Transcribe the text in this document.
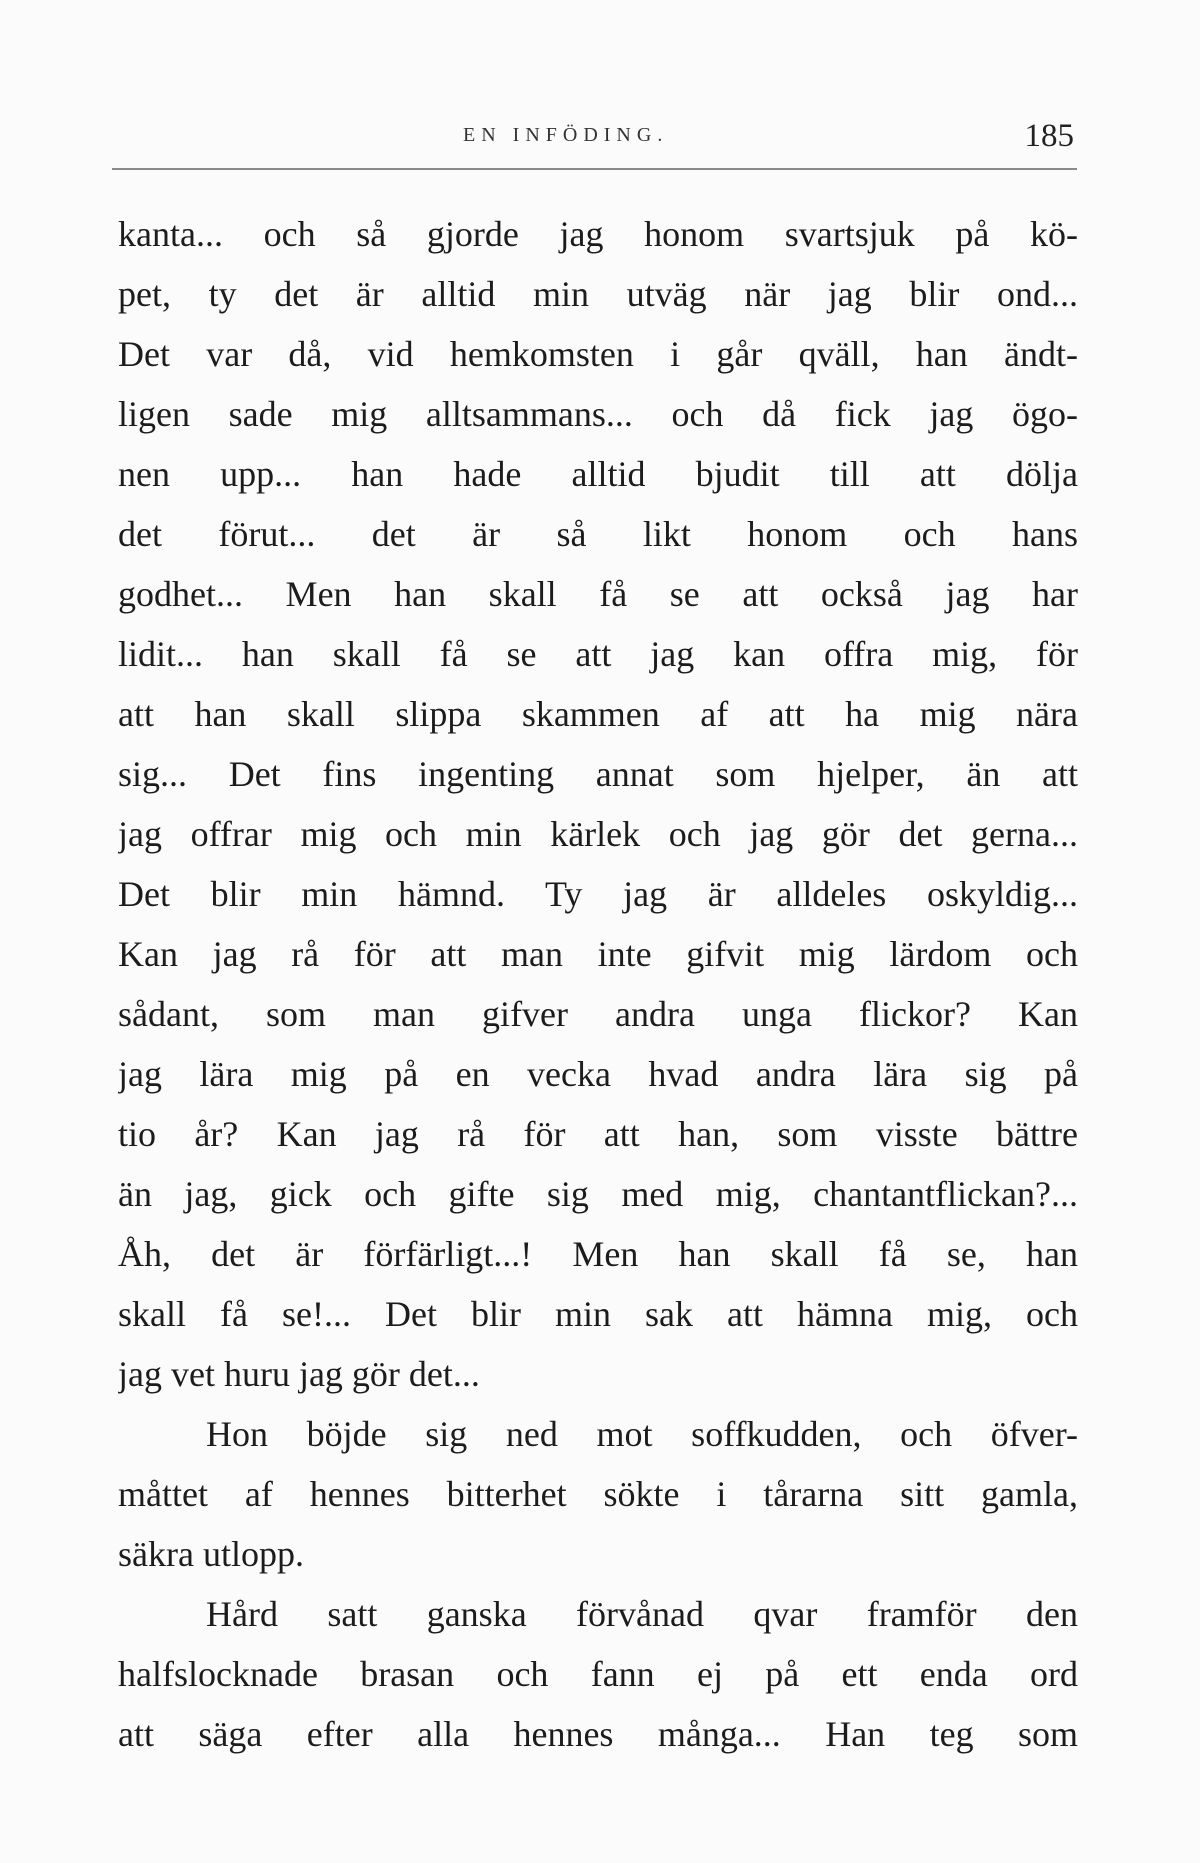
EN INFÖDING.	185
kanta... och så gjorde jag honom svartsjuk på kö-
pet, ty det är alltid min utväg när jag blir ond...
Det var då, vid hemkomsten i går qväll, han ändt-
ligen sade mig alltsammans... och då fick jag ögo-
nen upp... han hade alltid bjudit till att dölja
det förut... det är så likt honom och hans
godhet... Men han skall få se att också jag har
lidit... han skall få se att jag kan offra mig, för
att han skall slippa skammen af att ha mig nära
sig... Det fins ingenting annat som hjelper, än att
jag offrar mig och min kärlek och jag gör det gerna...
Det blir min hämnd. Ty jag är alldeles oskyldig...
Kan jag rå för att man inte gifvit mig lärdom och
sådant, som man gifver andra unga flickor? Kan
jag lära mig på en vecka hvad andra lära sig på
tio år? Kan jag rå för att han, som visste bättre
än jag, gick och gifte sig med mig, chantantflickan?...
Åh, det är förfärligt...! Men han skall få se, han
skall få se!... Det blir min sak att hämna mig, och
jag vet huru jag gör det...
Hon böjde sig ned mot soffkudden, och öfver-
måttet af hennes bitterhet sökte i tårarna sitt gamla,
säkra utlopp.
Hård satt ganska förvånad qvar framför den
halfslocknade brasan och fann ej på ett enda ord
att säga efter alla hennes många... Han teg som
